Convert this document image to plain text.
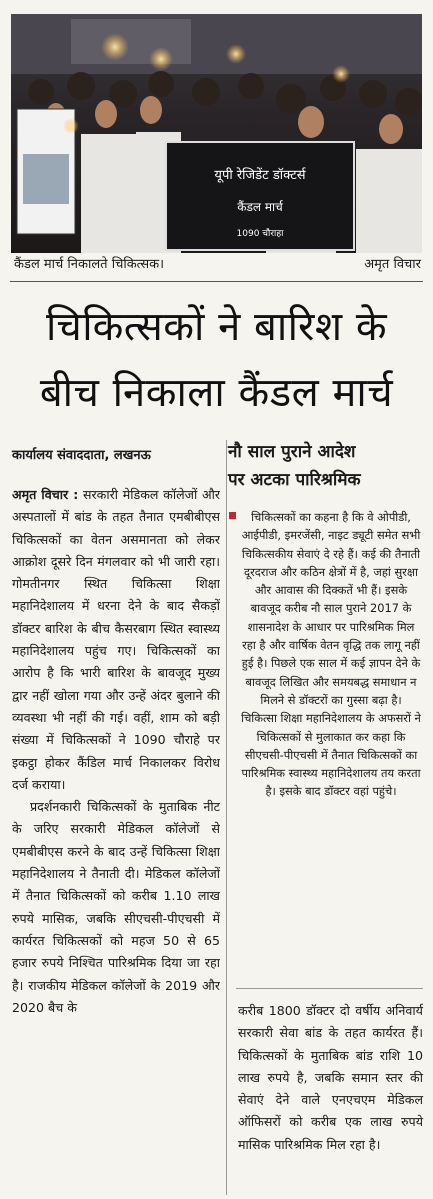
यूपी रेजिडेंट डॉक्टर्स
कैंडल मार्च
1090 चौराहा
कैंडल मार्च निकालते चिकित्सक।	अमृत विचार
चिकित्सकों ने बारिश के
बीच निकाला कैंडल मार्च
कार्यालय संवाददाता, लखनऊ	नौ साल पुराने आदेश
पर अटका पारिश्रमिक
अमृत विचार : सरकारी मेडिकल कॉलेजों और अस्पतालों में बांड के तहत तैनात एमबीबीएस चिकित्सकों का वेतन असमानता को लेकर आक्रोश दूसरे दिन मंगलवार को भी जारी रहा। गोमतीनगर स्थित चिकित्सा शिक्षा महानिदेशालय में धरना देने के बाद सैकड़ों डॉक्टर बारिश के बीच कैसरबाग स्थित स्वास्थ्य महानिदेशालय पहुंच गए। चिकित्सकों का आरोप है कि भारी बारिश के बावजूद मुख्य द्वार नहीं खोला गया और उन्हें अंदर बुलाने की व्यवस्था भी नहीं की गई। वहीं, शाम को बड़ी संख्या में चिकित्सकों ने 1090 चौराहे पर इकट्ठा होकर कैंडिल मार्च निकालकर विरोध दर्ज कराया।
प्रदर्शनकारी चिकित्सकों के मुताबिक नीट के जरिए सरकारी मेडिकल कॉलेजों से एमबीबीएस करने के बाद उन्हें चिकित्सा शिक्षा महानिदेशालय ने तैनाती दी। मेडिकल कॉलेजों में तैनात चिकित्सकों को करीब 1.10 लाख रुपये मासिक, जबकि सीएचसी-पीएचसी में कार्यरत चिकित्सकों को महज 50 से 65 हजार रुपये निश्चित पारिश्रमिक दिया जा रहा है। राजकीय मेडिकल कॉलेजों के 2019 और 2020 बैच के
चिकित्सकों का कहना है कि वे ओपीडी, आईपीडी, इमरजेंसी, नाइट ड्यूटी समेत सभी चिकित्सकीय सेवाएं दे रहे हैं। कई की तैनाती दूरदराज और कठिन क्षेत्रों में है, जहां सुरक्षा और आवास की दिक्कतें भी हैं। इसके बावजूद करीब नौ साल पुराने 2017 के शासनादेश के आधार पर पारिश्रमिक मिल रहा है और वार्षिक वेतन वृद्धि तक लागू नहीं हुई है। पिछले एक साल में कई ज्ञापन देने के बावजूद लिखित और समयबद्ध समाधान न मिलने से डॉक्टरों का गुस्सा बढ़ा है। चिकित्सा शिक्षा महानिदेशालय के अफसरों ने चिकित्सकों से मुलाकात कर कहा कि सीएचसी-पीएचसी में तैनात चिकित्सकों का पारिश्रमिक स्वास्थ्य महानिदेशालय तय करता है। इसके बाद डॉक्टर वहां पहुंचे।
करीब 1800 डॉक्टर दो वर्षीय अनिवार्य सरकारी सेवा बांड के तहत कार्यरत हैं। चिकित्सकों के मुताबिक बांड राशि 10 लाख रुपये है, जबकि समान स्तर की सेवाएं देने वाले एनएचएम मेडिकल ऑफिसरों को करीब एक लाख रुपये मासिक पारिश्रमिक मिल रहा है।
